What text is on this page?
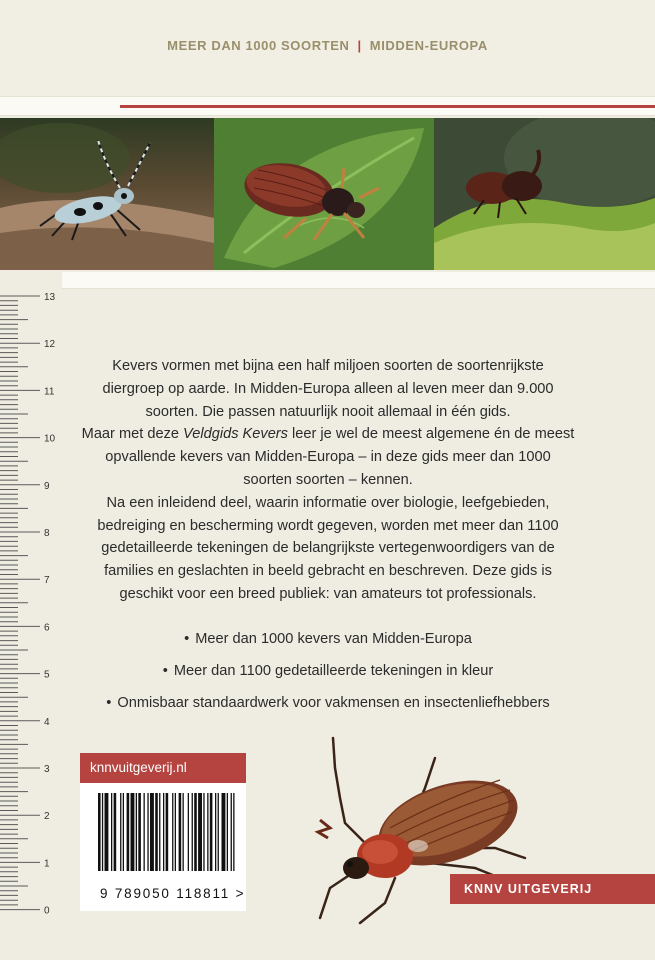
MEER DAN 1000 SOORTEN | MIDDEN-EUROPA
13
12
11
10
9
8
7
6
5
4
3
2
1
0

Kevers vormen met bijna een half miljoen soorten de soortenrijkste diergroep op aarde. In Midden-Europa alleen al leven meer dan 9.000 soorten. Die passen natuurlijk nooit allemaal in één gids.

Maar met deze Veldgids Kevers leer je wel de meest algemene én de meest opvallende kevers van Midden-Europa – in deze gids meer dan 1000 soorten soorten – kennen.

Na een inleidend deel, waarin informatie over biologie, leefgebieden, bedreiging en bescherming wordt gegeven, worden met meer dan 1100 gedetailleerde tekeningen de belangrijkste vertegenwoordigers van de families en geslachten in beeld gebracht en beschreven. Deze gids is geschikt voor een breed publiek: van amateurs tot professionals.

• Meer dan 1000 kevers van Midden-Europa
• Meer dan 1100 gedetailleerde tekeningen in kleur
• Onmisbaar standaardwerk voor vakmensen en insectenliefhebbers
knnvuitgeverij.nl
9 789050 118811 >	KNNV UITGEVERIJ
